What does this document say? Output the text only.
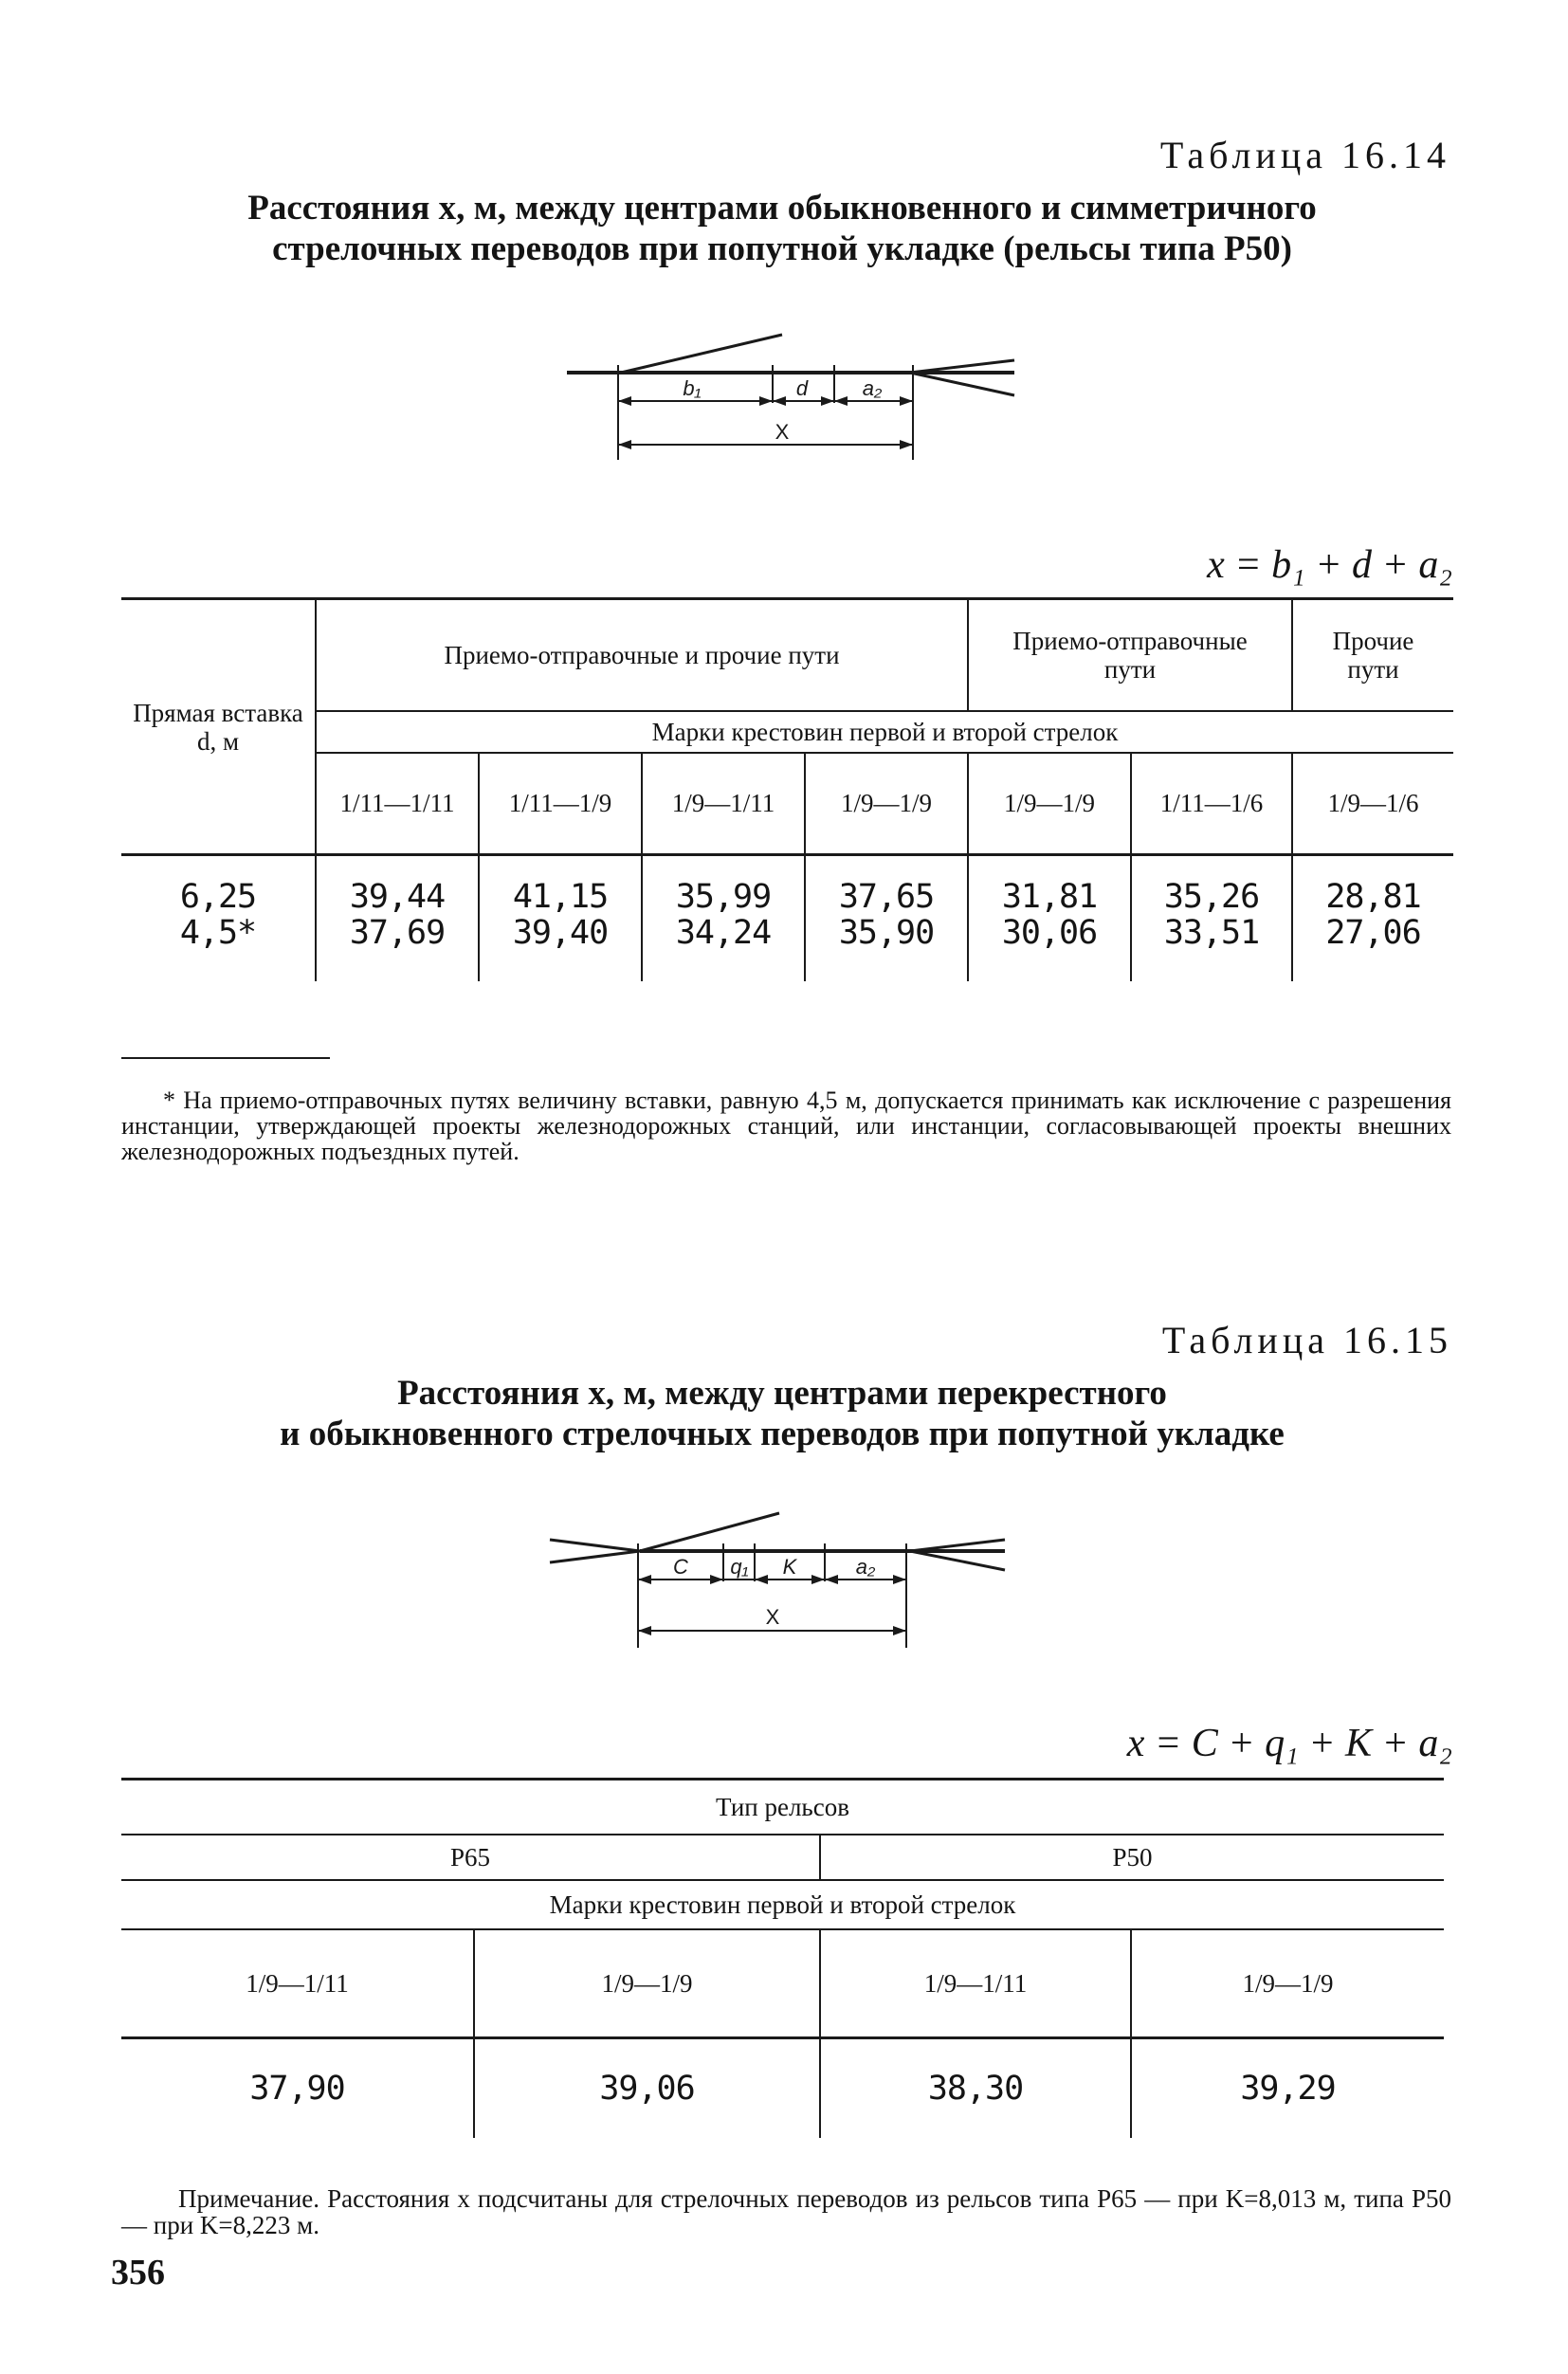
Таблица 16.14
Расстояния x, м, между центрами обыкновенного и симметричного
стрелочных переводов при попутной укладке (рельсы типа Р50)
b₁	d	a₂
X
x = b₁ + d + a₂
Прямая вставка d, м	Приемо-отправочные и прочие пути				Приемо-отправочные пути		Прочие пути
	Марки крестовин первой и второй стрелок						
	1/11—1/11	1/11—1/9	1/9—1/11	1/9—1/9	1/9—1/9	1/11—1/6	1/9—1/6
6,25	39,44	41,15	35,99	37,65	31,81	35,26	28,81
4,5*	37,69	39,40	34,24	35,90	30,06	33,51	27,06
* На приемо-отправочных путях величину вставки, равную 4,5 м, допускается принимать как исключение с разрешения инстанции, утверждающей проекты железнодорожных станций, или инстанции, согласовывающей проекты внешних железнодорожных подъездных путей.
Таблица 16.15
Расстояния x, м, между центрами перекрестного
и обыкновенного стрелочных переводов при попутной укладке
C q₁ K	a₂
X
x = C + q₁ + K + a₂
Тип рельсов			
Р65		Р50	
Марки крестовин первой и второй стрелок			
1/9—1/11	1/9—1/9	1/9—1/11	1/9—1/9
37,90	39,06	38,30	39,29
Примечание. Расстояния x подсчитаны для стрелочных переводов из рельсов типа Р65 — при K=8,013 м, типа Р50 — при K=8,223 м.
356
